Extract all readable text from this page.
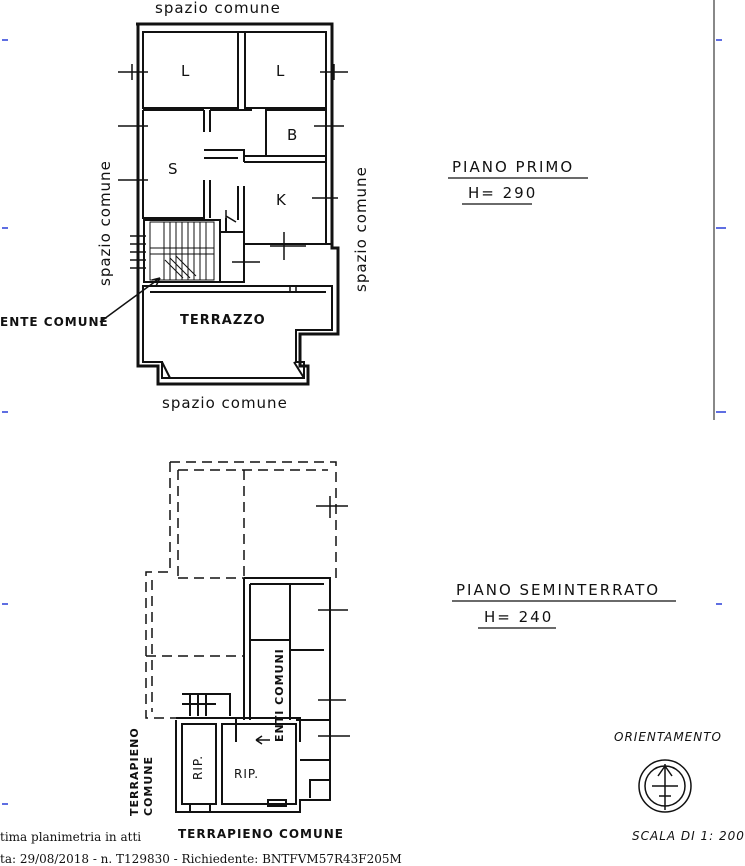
spazio comune
spazio comune
spazio comune	spazio comune
ENTE COMUNE
L	L
B
S
K
TERRAZZO
PIANO PRIMO
H= 290
PIANO SEMINTERRATO
H= 240
ENTI COMUNI
RIP. RIP.
TERRAPIENO COMUNE
TERRAPIENO COMUNE
ORIENTAMENTO
SCALA DI 1: 200
tima planimetria in atti
ta: 29/08/2018 - n. T129830 - Richiedente: BNTFVM57R43F205M
